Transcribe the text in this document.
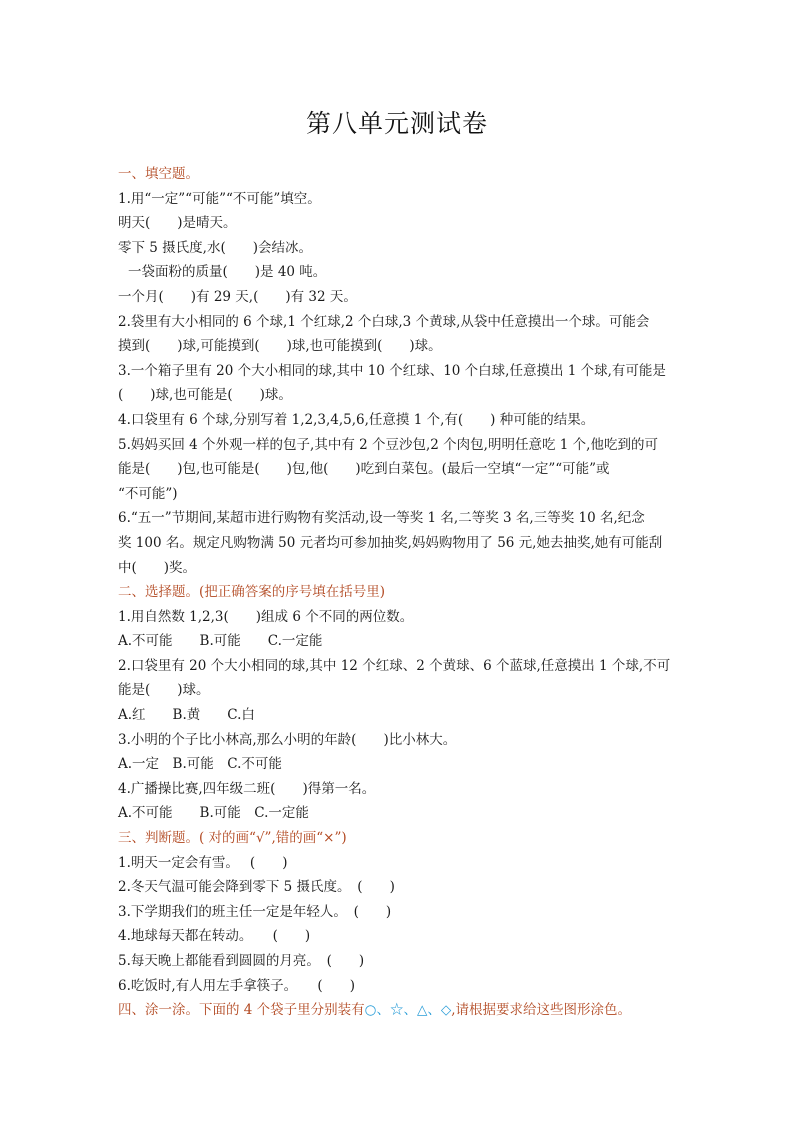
第八单元测试卷
一、填空题。
1.用“一定”“可能”“不可能”填空。
明天(　　)是晴天。
零下 5 摄氏度,水(　　)会结冰。
一袋面粉的质量(　　)是 40 吨。
一个月(　　)有 29 天,(　　)有 32 天。
2.袋里有大小相同的 6 个球,1 个红球,2 个白球,3 个黄球,从袋中任意摸出一个球。可能会
摸到(　　)球,可能摸到(　　)球,也可能摸到(　　)球。
3.一个箱子里有 20 个大小相同的球,其中 10 个红球、10 个白球,任意摸出 1 个球,有可能是
(　　)球,也可能是(　　)球。
4.口袋里有 6 个球,分别写着 1,2,3,4,5,6,任意摸 1 个,有(　　) 种可能的结果。
5.妈妈买回 4 个外观一样的包子,其中有 2 个豆沙包,2 个肉包,明明任意吃 1 个,他吃到的可
能是(　　)包,也可能是(　　)包,他(　　)吃到白菜包。(最后一空填“一定”“可能”或
“不可能”)
6.“五一”节期间,某超市进行购物有奖活动,设一等奖 1 名,二等奖 3 名,三等奖 10 名,纪念
奖 100 名。规定凡购物满 50 元者均可参加抽奖,妈妈购物用了 56 元,她去抽奖,她有可能刮
中(　　)奖。
二、选择题。(把正确答案的序号填在括号里)
1.用自然数 1,2,3(　　)组成 6 个不同的两位数。
A.不可能　　B.可能　　C.一定能
2.口袋里有 20 个大小相同的球,其中 12 个红球、2 个黄球、6 个蓝球,任意摸出 1 个球,不可
能是(　　)球。
A.红　　B.黄　　C.白
3.小明的个子比小林高,那么小明的年龄(　　)比小林大。
A.一定　B.可能　C.不可能
4.广播操比赛,四年级二班(　　)得第一名。
A.不可能　　B.可能　C.一定能
三、判断题。( 对的画“√”,错的画“×”)
1.明天一定会有雪。　 (　　)
2.冬天气温可能会降到零下 5 摄氏度。　(　　)
3.下学期我们的班主任一定是年轻人。　(　　)
4.地球每天都在转动。　　(　　)
5.每天晚上都能看到圆圆的月亮。　(　　)
6.吃饭时,有人用左手拿筷子。　　(　　)
四、涂一涂。下面的 4 个袋子里分别装有○、☆、△、◇,请根据要求给这些图形涂色。
